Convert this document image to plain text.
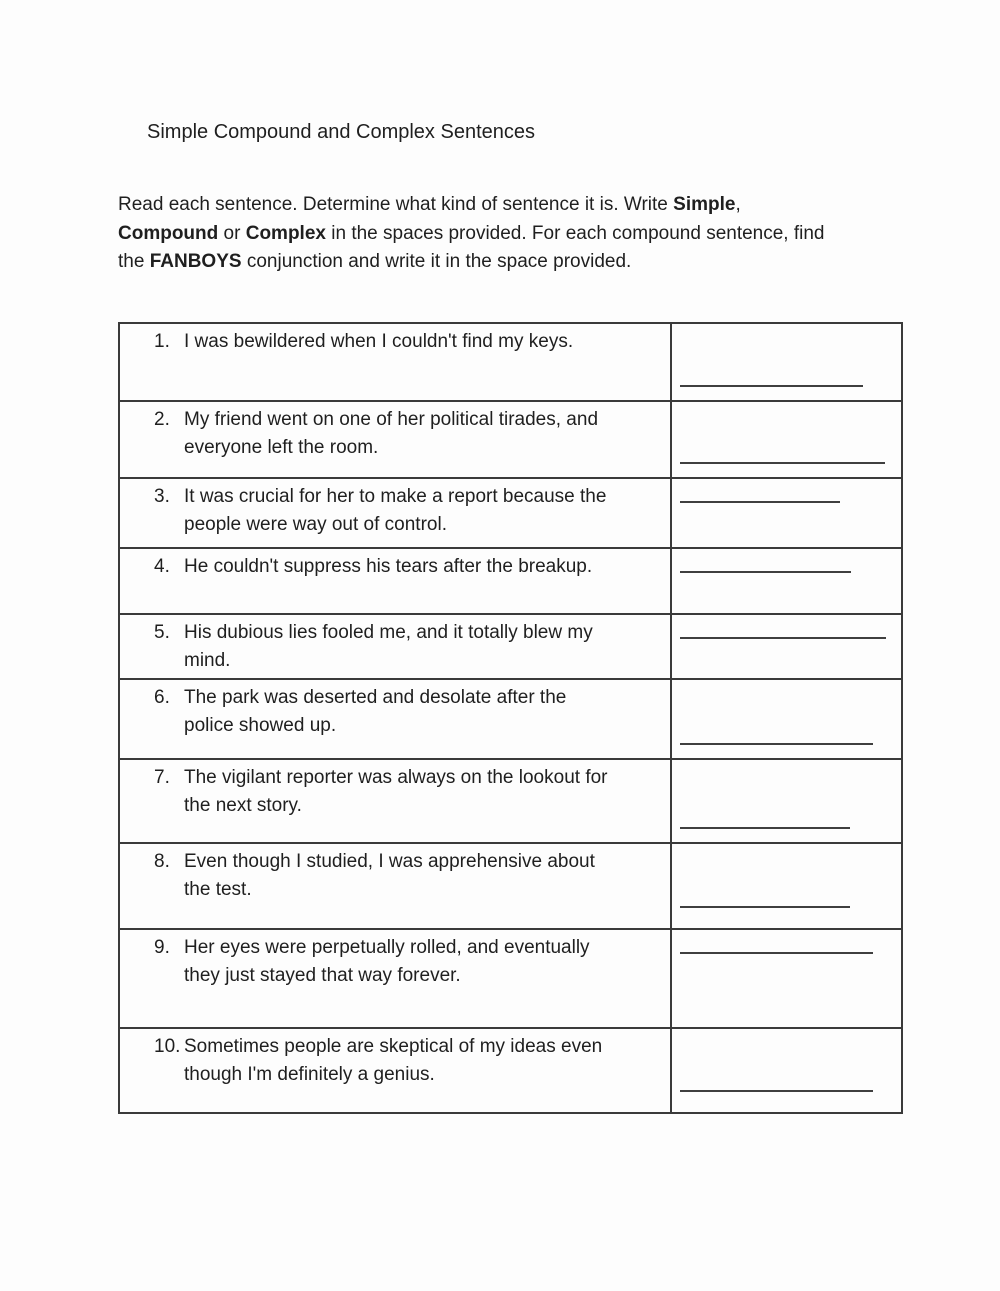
Simple Compound and Complex Sentences
Read each sentence. Determine what kind of sentence it is. Write Simple,
Compound or Complex in the spaces provided. For each compound sentence, find
the FANBOYS conjunction and write it in the space provided.
1. I was bewildered when I couldn't find my keys.	

2. My friend went on one of her political tirades, and
everyone left the room.	

3. It was crucial for her to make a report because the
people were way out of control.	

4. He couldn't suppress his tears after the breakup.	

5. His dubious lies fooled me, and it totally blew my
mind.	

6. The park was deserted and desolate after the
police showed up.	

7. The vigilant reporter was always on the lookout for
the next story.	

8. Even though I studied, I was apprehensive about
the test.	

9. Her eyes were perpetually rolled, and eventually
they just stayed that way forever.	

10. Sometimes people are skeptical of my ideas even
though I'm definitely a genius.	
